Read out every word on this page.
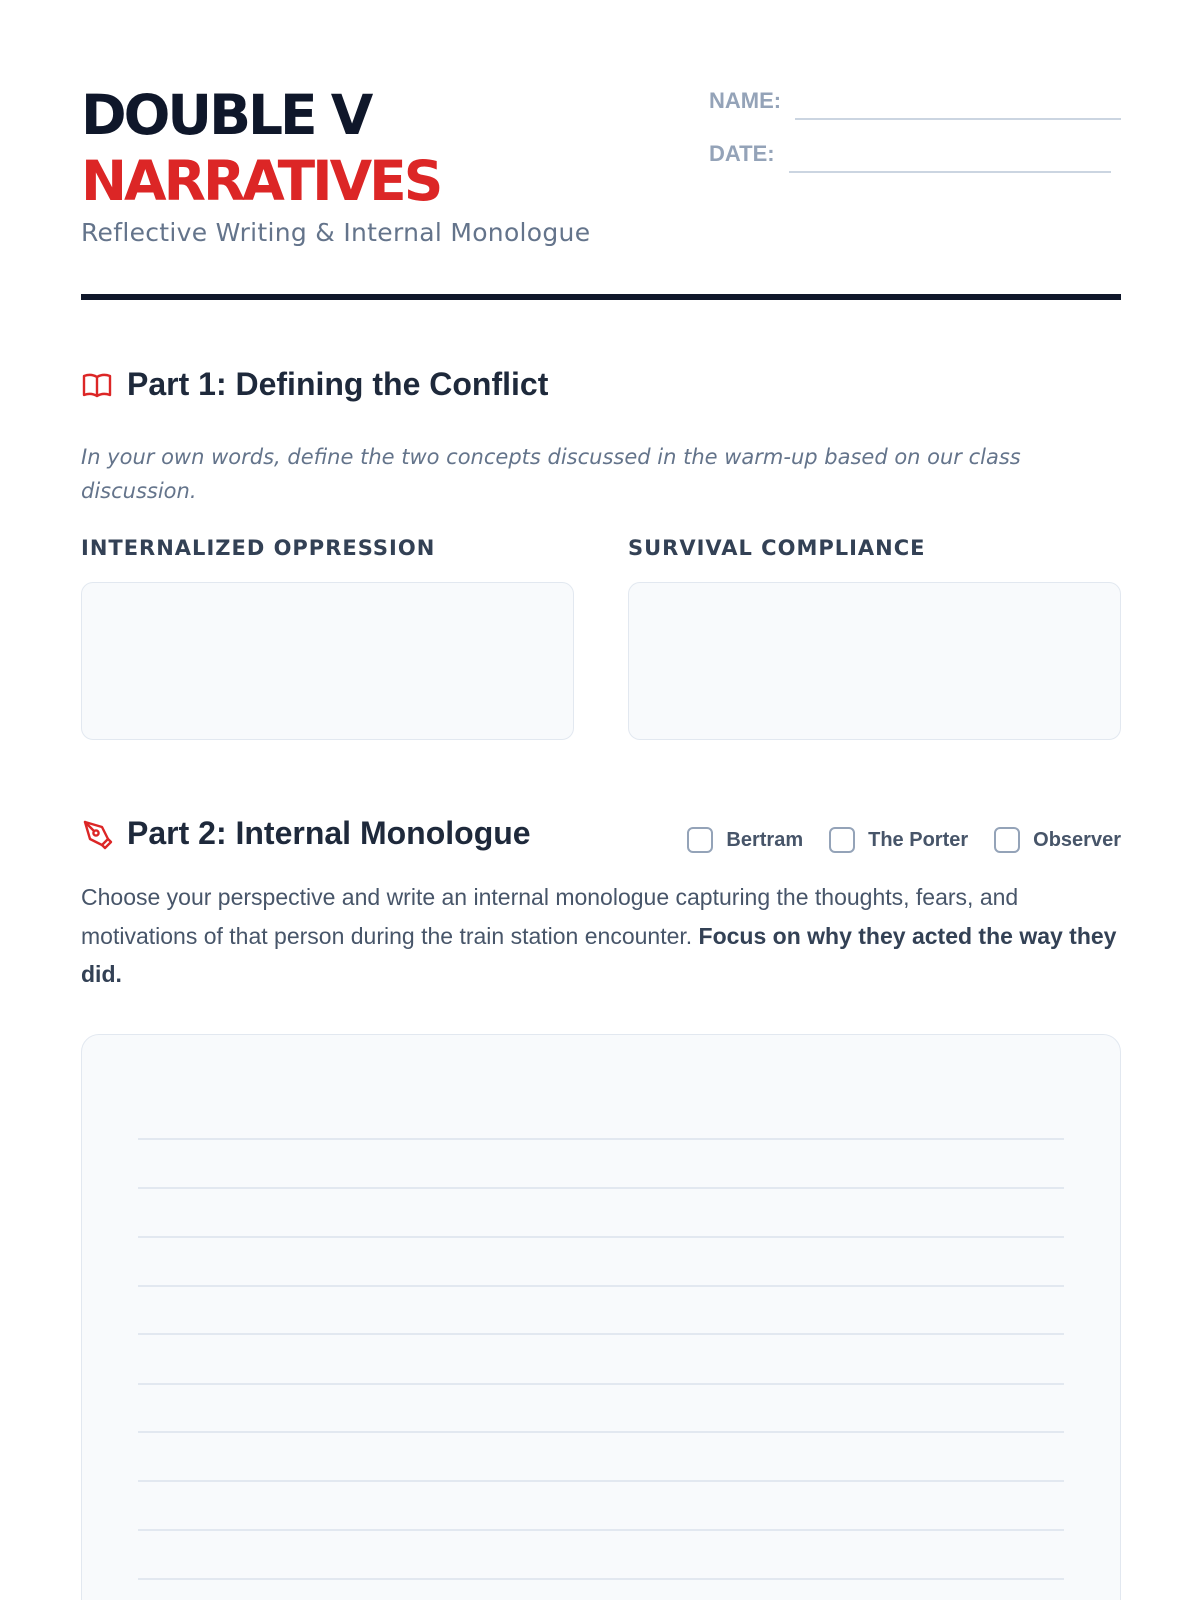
DOUBLE V
NARRATIVES
Reflective Writing & Internal Monologue
NAME:
DATE:
Part 1: Defining the Conflict
In your own words, define the two concepts discussed in the warm-up based on our class discussion.
INTERNALIZED OPPRESSION	SURVIVAL COMPLIANCE
Part 2: Internal Monologue	Bertram	The Porter	Observer
Choose your perspective and write an internal monologue capturing the thoughts, fears, and motivations of that person during the train station encounter. Focus on why they acted the way they did.
